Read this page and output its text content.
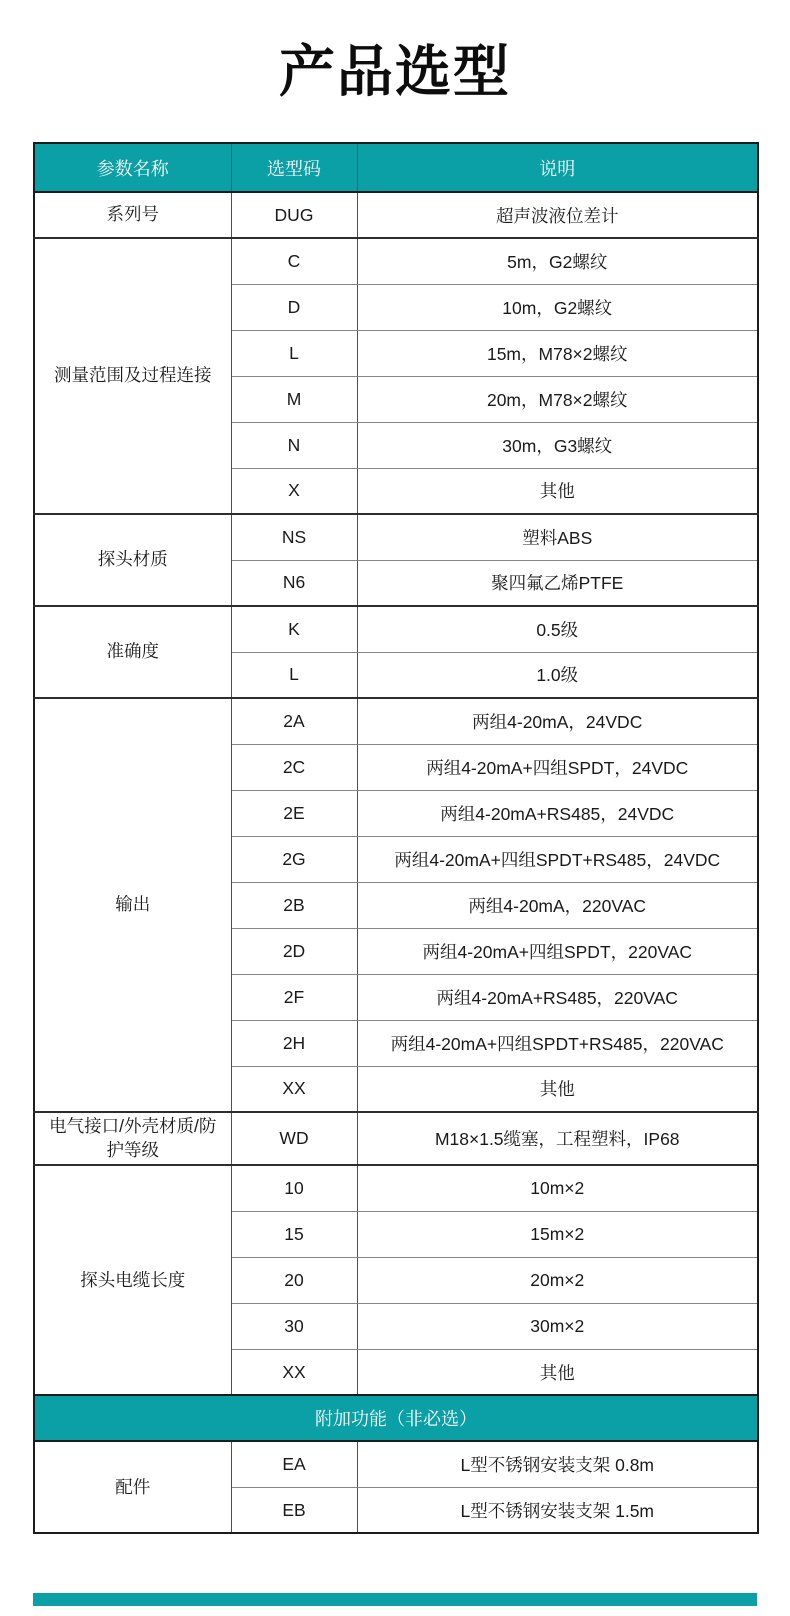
产品选型
参数名称	选型码	说明
系列号	DUG	超声波液位差计
测量范围及过程连接	C	5m，G2螺纹
	D	10m，G2螺纹
	L	15m，M78×2螺纹
	M	20m，M78×2螺纹
	N	30m，G3螺纹
	X	其他
探头材质	NS	塑料ABS
	N6	聚四氟乙烯PTFE
准确度	K	0.5级
	L	1.0级
输出	2A	两组4-20mA，24VDC
	2C	两组4-20mA+四组SPDT，24VDC
	2E	两组4-20mA+RS485，24VDC
	2G	两组4-20mA+四组SPDT+RS485，24VDC
	2B	两组4-20mA，220VAC
	2D	两组4-20mA+四组SPDT，220VAC
	2F	两组4-20mA+RS485，220VAC
	2H	两组4-20mA+四组SPDT+RS485，220VAC
	XX	其他
电气接口/外壳材质/防护等级	WD	M18×1.5缆塞，工程塑料，IP68
探头电缆长度	10	10m×2
	15	15m×2
	20	20m×2
	30	30m×2
	XX	其他
附加功能（非必选）		
配件	EA	L型不锈钢安装支架 0.8m
	EB	L型不锈钢安装支架 1.5m
